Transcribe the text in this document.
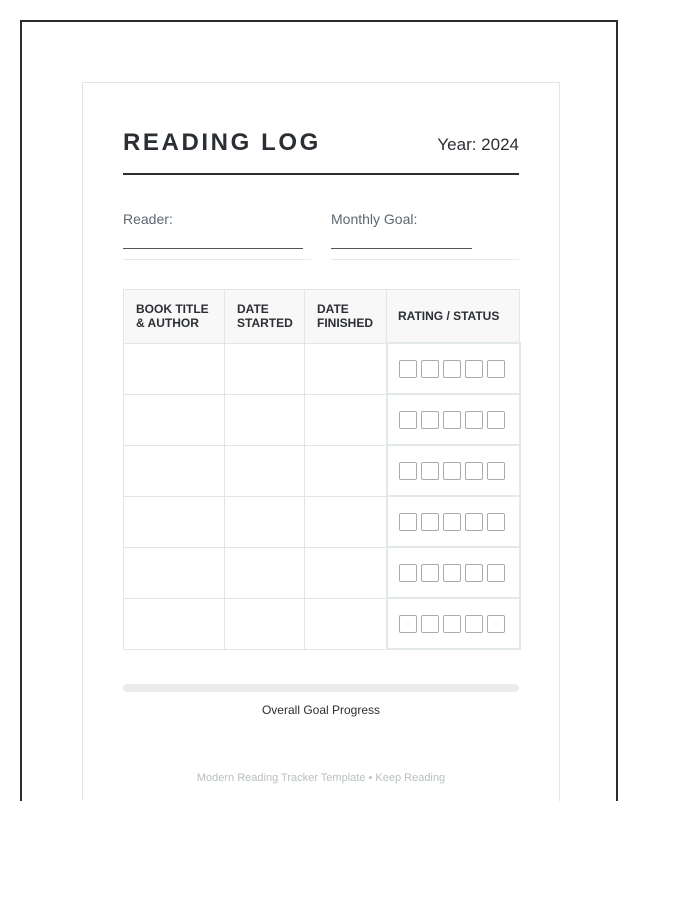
READING LOG	Year: 2024
Reader:	Monthly Goal:
BOOK TITLE & AUTHOR	DATE STARTED	DATE FINISHED	RATING / STATUS

Overall Goal Progress
Modern Reading Tracker Template • Keep Reading
